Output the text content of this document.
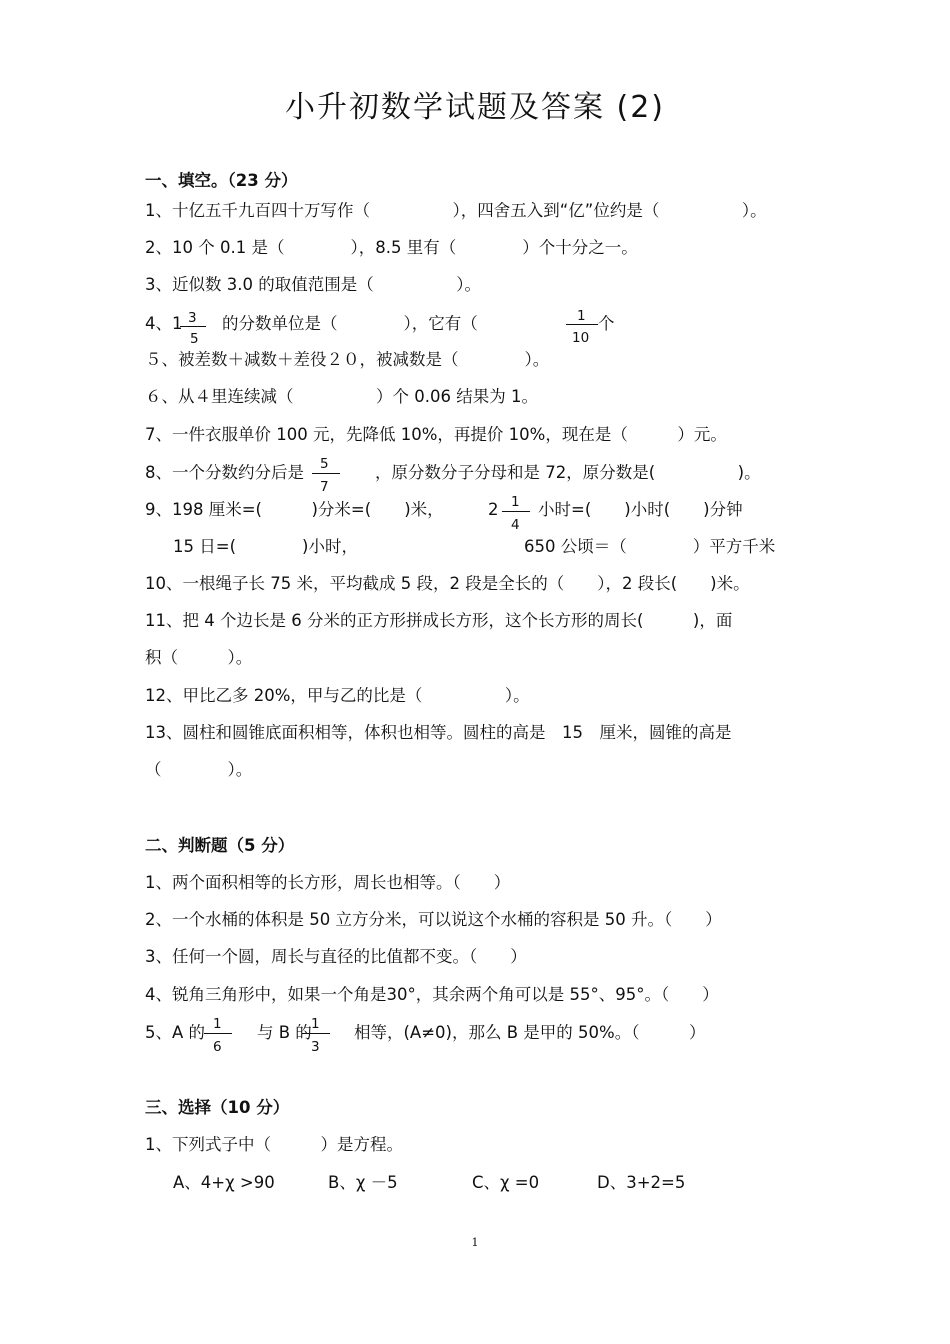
小升初数学试题及答案 (2)
一、填空。（23 分）
1、十亿五千九百四十万写作（　　　　　），四舍五入到“亿”位约是（　　　　　）。
2、10 个 0.1 是（　　　　），8.5 里有（　　　　）个十分之一。
3、近似数 3.0 的取值范围是（　　　　　）。
4、1 3
5
的分数单位是（　　　　），它有（　　　	1
10
个
５、被差数＋减数＋差役２０，被减数是（　　　　）。
６、从４里连续减（　　　　　）个 0.06 结果为 1。
7、一件衣服单价 100 元，先降低 10%，再提价 10%，现在是（　　　）元。
8、一个分数约分后是 5
7
，原分数分子分母和是 72，原分数是(　　　　　)。
9、198 厘米=(　　　)分米=(　　)米，	2 1
4
小时=(　　)小时(　　)分钟
15 日=(　　　　)小时，	650 公顷＝（　　　　）平方千米
10、一根绳子长 75 米，平均截成 5 段，2 段是全长的（　　），2 段长(　　)米。
11、把 4 个边长是 6 分米的正方形拼成长方形，这个长方形的周长(　　　)，面
积（　　　）。
12、甲比乙多 20%，甲与乙的比是（　　　　　）。
13、圆柱和圆锥底面积相等，体积也相等。圆柱的高是　15　厘米，圆锥的高是
（　　　　）。
二、判断题（5 分）
1、两个面积相等的长方形，周长也相等。（　　）
2、一个水桶的体积是 50 立方分米，可以说这个水桶的容积是 50 升。（　　）
3、任何一个圆，周长与直径的比值都不变。（　　）
4、锐角三角形中，如果一个角是30°，其余两个角可以是 55°、95°。（　　）
5、A 的 1
6
与 B 的 1
3
相等，(A≠0)，那么 B 是甲的 50%。（　　　）
三、选择（10 分）
1、下列式子中（　　　）是方程。
A、4+χ >90	B、χ －5	C、χ =0	D、3+2=5
1
